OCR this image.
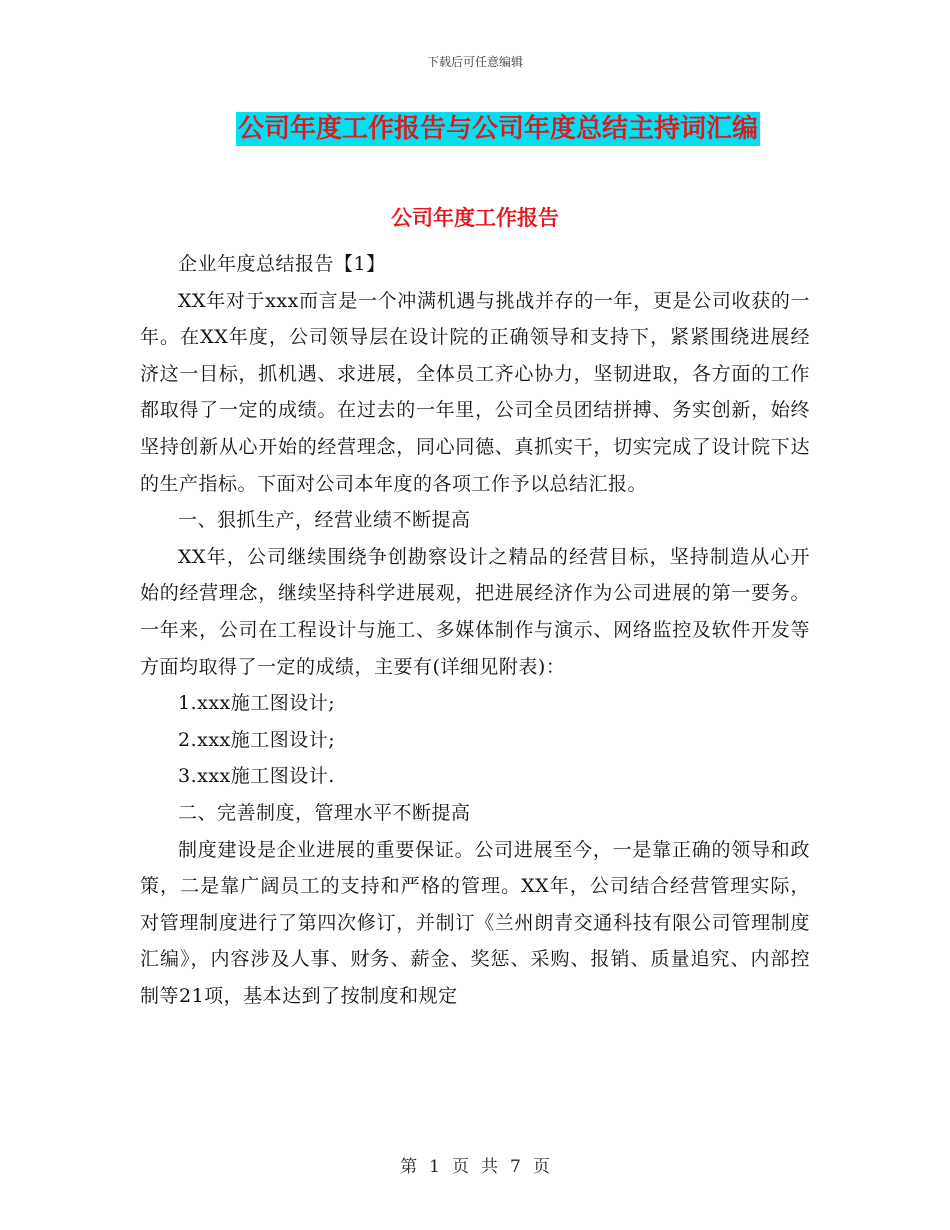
下载后可任意编辑
公司年度工作报告与公司年度总结主持词汇编
公司年度工作报告

企业年度总结报告【1】

XX年对于xxx而言是一个冲满机遇与挑战并存的一年，更是公司收获的一年。在XX年度，公司领导层在设计院的正确领导和支持下，紧紧围绕进展经济这一目标，抓机遇、求进展，全体员工齐心协力，坚韧进取，各方面的工作都取得了一定的成绩。在过去的一年里，公司全员团结拼搏、务实创新，始终坚持创新从心开始的经营理念，同心同德、真抓实干，切实完成了设计院下达的生产指标。下面对公司本年度的各项工作予以总结汇报。

一、狠抓生产，经营业绩不断提高

XX年，公司继续围绕争创勘察设计之精品的经营目标，坚持制造从心开始的经营理念，继续坚持科学进展观，把进展经济作为公司进展的第一要务。一年来，公司在工程设计与施工、多媒体制作与演示、网络监控及软件开发等方面均取得了一定的成绩，主要有(详细见附表)：

1.xxx施工图设计;

2.xxx施工图设计;

3.xxx施工图设计.

二、完善制度，管理水平不断提高

制度建设是企业进展的重要保证。公司进展至今，一是靠正确的领导和政策，二是靠广阔员工的支持和严格的管理。XX年，公司结合经营管理实际，对管理制度进行了第四次修订，并制订《兰州朗青交通科技有限公司管理制度汇编》，内容涉及人事、财务、薪金、奖惩、采购、报销、质量追究、内部控制等21项，基本达到了按制度和规定

第 1 页 共 7 页
